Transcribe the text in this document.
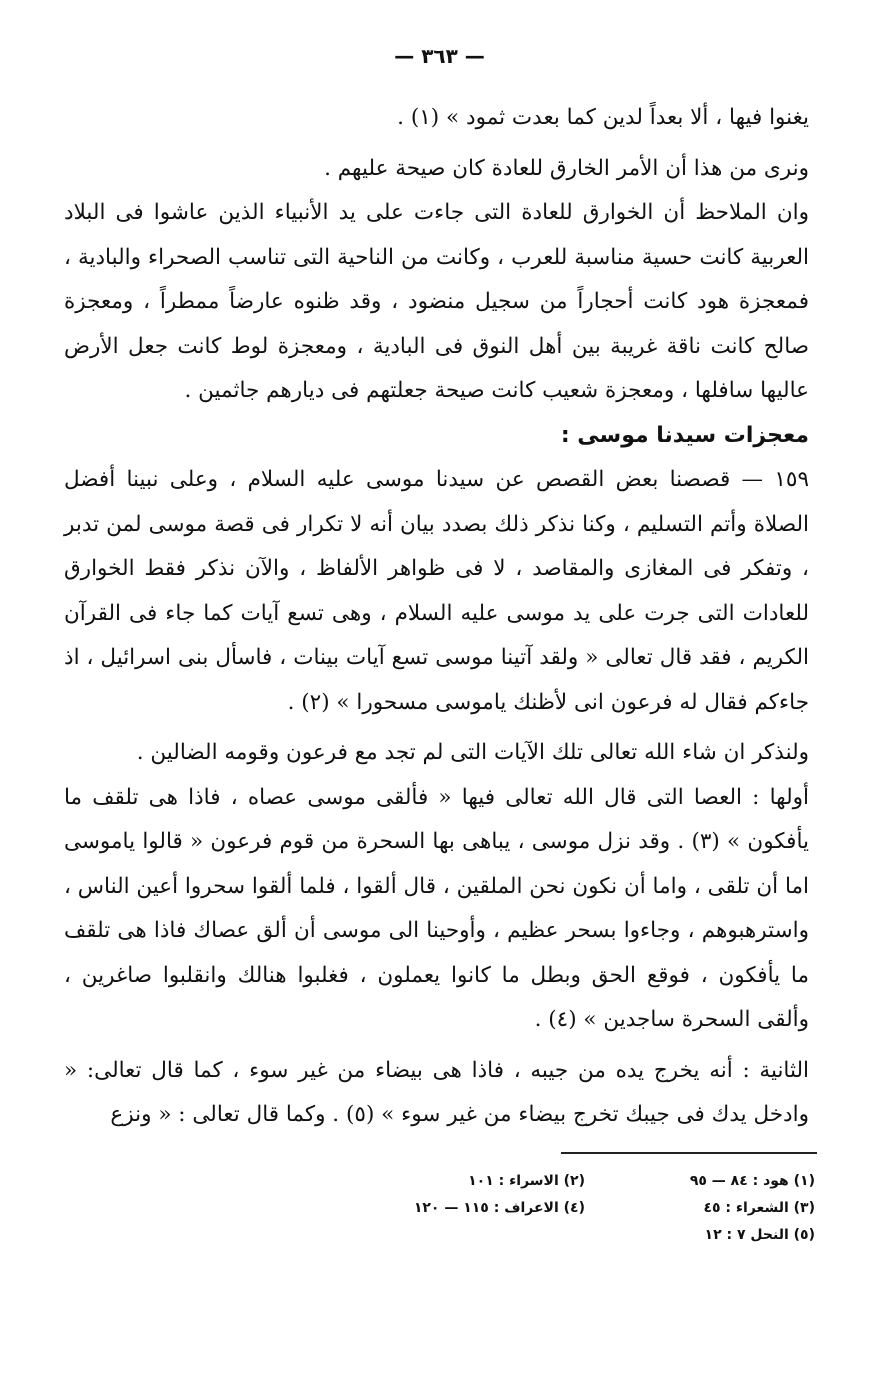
— ٣٦٣ —

يغنوا فيها ، ألا بعداً لدين كما بعدت ثمود » (١) .

ونرى من هذا أن الأمر الخارق للعادة كان صيحة عليهم .

وان الملاحظ أن الخوارق للعادة التى جاءت على يد الأنبياء الذين عاشوا فى البلاد العربية كانت حسية مناسبة للعرب ، وكانت من الناحية التى تناسب الصحراء والبادية ، فمعجزة هود كانت أحجاراً من سجيل منضود ، وقد ظنوه عارضاً ممطراً ، ومعجزة صالح كانت ناقة غريبة بين أهل النوق فى البادية ، ومعجزة لوط كانت جعل الأرض عاليها سافلها ، ومعجزة شعيب كانت صيحة جعلتهم فى ديارهم جاثمين .

معجزات سيدنا موسى :

١٥٩ — قصصنا بعض القصص عن سيدنا موسى عليه السلام ، وعلى نبينا أفضل الصلاة وأتم التسليم ، وكنا نذكر ذلك بصدد بيان أنه لا تكرار فى قصة موسى لمن تدبر ، وتفكر فى المغازى والمقاصد ، لا فى ظواهر الألفاظ ، والآن نذكر فقط الخوارق للعادات التى جرت على يد موسى عليه السلام ، وهى تسع آيات كما جاء فى القرآن الكريم ، فقد قال تعالى « ولقد آتينا موسى تسع آيات بينات ، فاسأل بنى اسرائيل ، اذ جاءكم فقال له فرعون انى لأظنك ياموسى مسحورا » (٢) .

ولنذكر ان شاء الله تعالى تلك الآيات التى لم تجد مع فرعون وقومه الضالين .

أولها : العصا التى قال الله تعالى فيها « فألقى موسى عصاه ، فاذا هى تلقف ما يأفكون » (٣) . وقد نزل موسى ، يباهى بها السحرة من قوم فرعون « قالوا ياموسى اما أن تلقى ، واما أن نكون نحن الملقين ، قال ألقوا ، فلما ألقوا سحروا أعين الناس ، واسترهبوهم ، وجاءوا بسحر عظيم ، وأوحينا الى موسى أن ألق عصاك فاذا هى تلقف ما يأفكون ، فوقع الحق وبطل ما كانوا يعملون ، فغلبوا هنالك وانقلبوا صاغرين ، وألقى السحرة ساجدين » (٤) .

الثانية : أنه يخرج يده من جيبه ، فاذا هى بيضاء من غير سوء ، كما قال تعالى: « وادخل يدك فى جيبك تخرج بيضاء من غير سوء » (٥) . وكما قال تعالى : « ونزع

(١) هود : ٨٤ — ٩٥
(٢) الاسراء : ١٠١
(٣) الشعراء : ٤٥
(٤) الاعراف : ١١٥ — ١٢٠
(٥) النحل ٧ : ١٢
